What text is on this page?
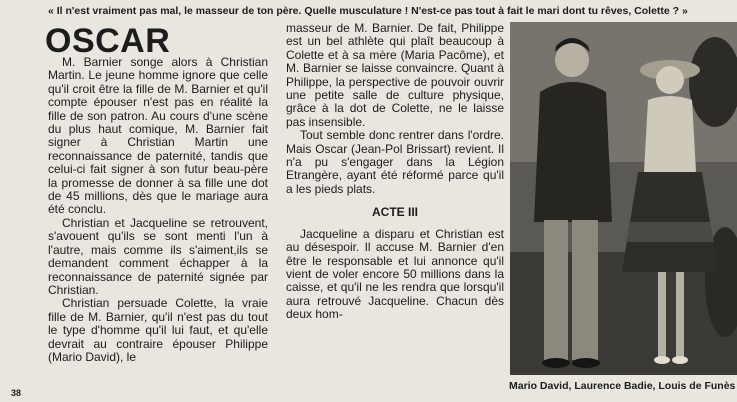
« Il n'est vraiment pas mal, le masseur de ton père. Quelle musculature ! N'est-ce pas tout à fait le mari dont tu rêves, Colette ? »
OSCAR

M. Barnier songe alors à Christian Martin. Le jeune homme ignore que celle qu'il croit être la fille de M. Barnier et qu'il compte épouser n'est pas en réalité la fille de son patron. Au cours d'une scène du plus haut comique, M. Barnier fait signer à Christian Martin une reconnaissance de paternité, tandis que celui-ci fait signer à son futur beau-père la promesse de donner à sa fille une dot de 45 millions, dès que le mariage aura été conclu.

Christian et Jacqueline se retrouvent, s'avouent qu'ils se sont menti l'un à l'autre, mais comme ils s'aiment,ils se demandent comment échapper à la reconnaissance de paternité signée par Christian.

Christian persuade Colette, la vraie fille de M. Barnier, qu'il n'est pas du tout le type d'homme qu'il lui faut, et qu'elle devrait au contraire épouser Philippe (Mario David), le

masseur de M. Barnier. De fait, Philippe est un bel athlète qui plaît beaucoup à Colette et à sa mère (Maria Pacôme), et M. Barnier se laisse convaincre. Quant à Philippe, la perspective de pouvoir ouvrir une petite salle de culture physique, grâce à la dot de Colette, ne le laisse pas insensible.

Tout semble donc rentrer dans l'ordre. Mais Oscar (Jean-Pol Brissart) revient. Il n'a pu s'engager dans la Légion Etrangère, ayant été réformé parce qu'il a les pieds plats.

ACTE III

Jacqueline a disparu et Christian est au désespoir. Il accuse M. Barnier d'en être le responsable et lui annonce qu'il vient de voler encore 50 millions dans la caisse, et qu'il ne les rendra que lorsqu'il aura retrouvé Jacqueline. Chacun dès deux hom-

Mario David, Laurence Badie, Louis de Funès
38
